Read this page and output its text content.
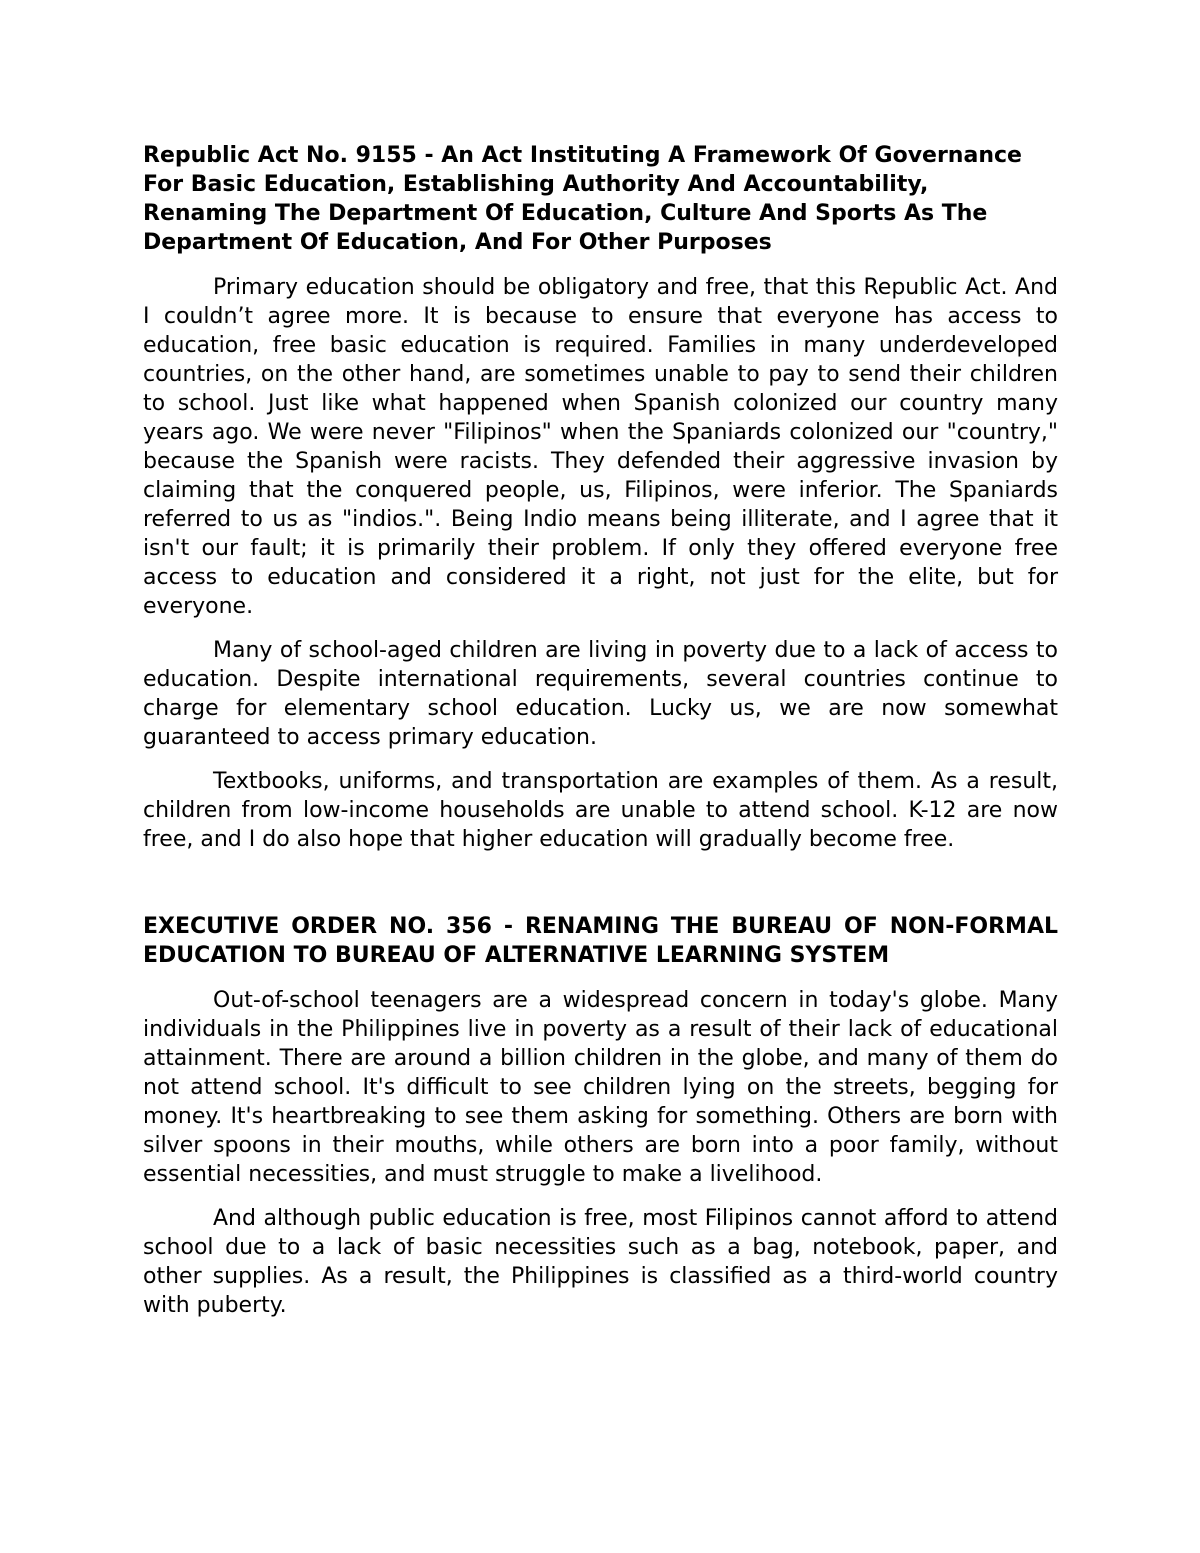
Republic Act No. 9155 - An Act Instituting A Framework Of Governance For Basic Education, Establishing Authority And Accountability, Renaming The Department Of Education, Culture And Sports As The Department Of Education, And For Other Purposes

Primary education should be obligatory and free, that this Republic Act. And I couldn’t agree more. It is because to ensure that everyone has access to education, free basic education is required. Families in many underdeveloped countries, on the other hand, are sometimes unable to pay to send their children to school. Just like what happened when Spanish colonized our country many years ago. We were never "Filipinos" when the Spaniards colonized our "country," because the Spanish were racists. They defended their aggressive invasion by claiming that the conquered people, us, Filipinos, were inferior. The Spaniards referred to us as "indios.". Being Indio means being illiterate, and I agree that it isn't our fault; it is primarily their problem. If only they offered everyone free access to education and considered it a right, not just for the elite, but for everyone.

Many of school-aged children are living in poverty due to a lack of access to education. Despite international requirements, several countries continue to charge for elementary school education. Lucky us, we are now somewhat guaranteed to access primary education.

Textbooks, uniforms, and transportation are examples of them. As a result, children from low-income households are unable to attend school. K-12 are now free, and I do also hope that higher education will gradually become free.

EXECUTIVE ORDER NO. 356 - RENAMING THE BUREAU OF NON-FORMAL EDUCATION TO BUREAU OF ALTERNATIVE LEARNING SYSTEM

Out-of-school teenagers are a widespread concern in today's globe. Many individuals in the Philippines live in poverty as a result of their lack of educational attainment. There are around a billion children in the globe, and many of them do not attend school. It's difficult to see children lying on the streets, begging for money. It's heartbreaking to see them asking for something. Others are born with silver spoons in their mouths, while others are born into a poor family, without essential necessities, and must struggle to make a livelihood.

And although public education is free, most Filipinos cannot afford to attend school due to a lack of basic necessities such as a bag, notebook, paper, and other supplies. As a result, the Philippines is classified as a third-world country with puberty.
